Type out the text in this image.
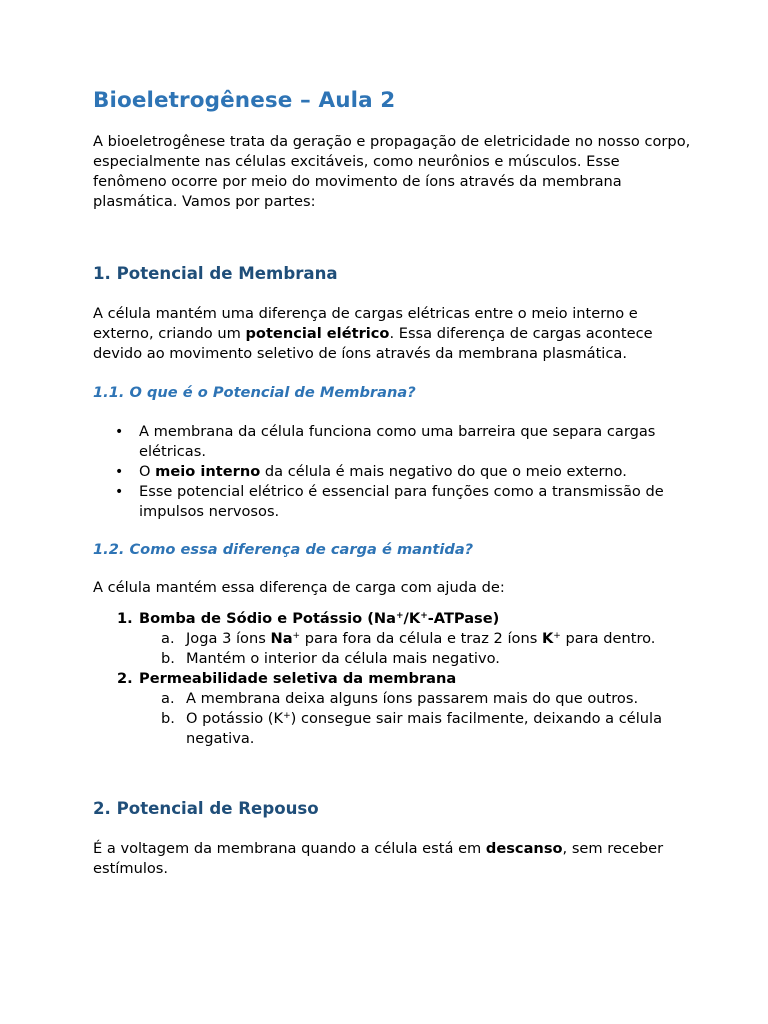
Bioeletrogênese – Aula 2

A bioeletrogênese trata da geração e propagação de eletricidade no nosso corpo, especialmente nas células excitáveis, como neurônios e músculos. Esse fenômeno ocorre por meio do movimento de íons através da membrana plasmática. Vamos por partes:

1. Potencial de Membrana

A célula mantém uma diferença de cargas elétricas entre o meio interno e externo, criando um potencial elétrico. Essa diferença de cargas acontece devido ao movimento seletivo de íons através da membrana plasmática.

1.1. O que é o Potencial de Membrana?
• A membrana da célula funciona como uma barreira que separa cargas elétricas.
• O meio interno da célula é mais negativo do que o meio externo.
• Esse potencial elétrico é essencial para funções como a transmissão de impulsos nervosos.
1.2. Como essa diferença de carga é mantida?

A célula mantém essa diferença de carga com ajuda de:

1. Bomba de Sódio e Potássio (Na+/K+-ATPase)
a. Joga 3 íons Na+ para fora da célula e traz 2 íons K+ para dentro.
b. Mantém o interior da célula mais negativo.
2. Permeabilidade seletiva da membrana
a. A membrana deixa alguns íons passarem mais do que outros.
b. O potássio (K+) consegue sair mais facilmente, deixando a célula negativa.
2. Potencial de Repouso

É a voltagem da membrana quando a célula está em descanso, sem receber estímulos.
